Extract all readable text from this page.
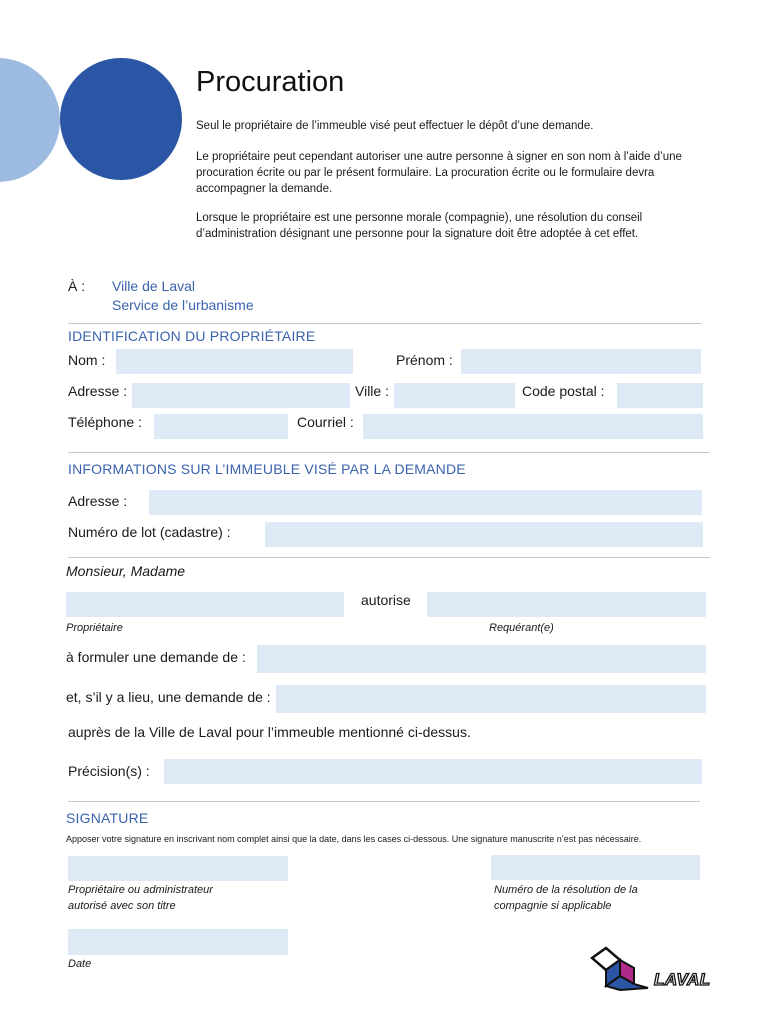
Procuration

Seul le propriétaire de l’immeuble visé peut effectuer le dépôt d’une demande.

Le propriétaire peut cependant autoriser une autre personne à signer en son nom à l’aide d’une procuration écrite ou par le présent formulaire. La procuration écrite ou le formulaire devra accompagner la demande.

Lorsque le propriétaire est une personne morale (compagnie), une résolution du conseil d’administration désignant une personne pour la signature doit être adoptée à cet effet.

À : Ville de Laval
Service de l’urbanisme
IDENTIFICATION DU PROPRIÉTAIRE
Nom :	Prénom :
Adresse :	Ville :	Code postal :
Téléphone :	Courriel :
INFORMATIONS SUR L’IMMEUBLE VISÉ PAR LA DEMANDE
Adresse :
Numéro de lot (cadastre) :
Monsieur, Madame
autorise
Propriétaire	Requérant(e)
à formuler une demande de :
et, s’il y a lieu, une demande de :
auprès de la Ville de Laval pour l’immeuble mentionné ci-dessus.
Précision(s) :
SIGNATURE
Apposer votre signature en inscrivant nom complet ainsi que la date, dans les cases ci-dessous. Une signature manuscrite n’est pas nécessaire.
Propriétaire ou administrateur
autorisé avec son titre
Numéro de la résolution de la
compagnie si applicable
Date
LAVAL
